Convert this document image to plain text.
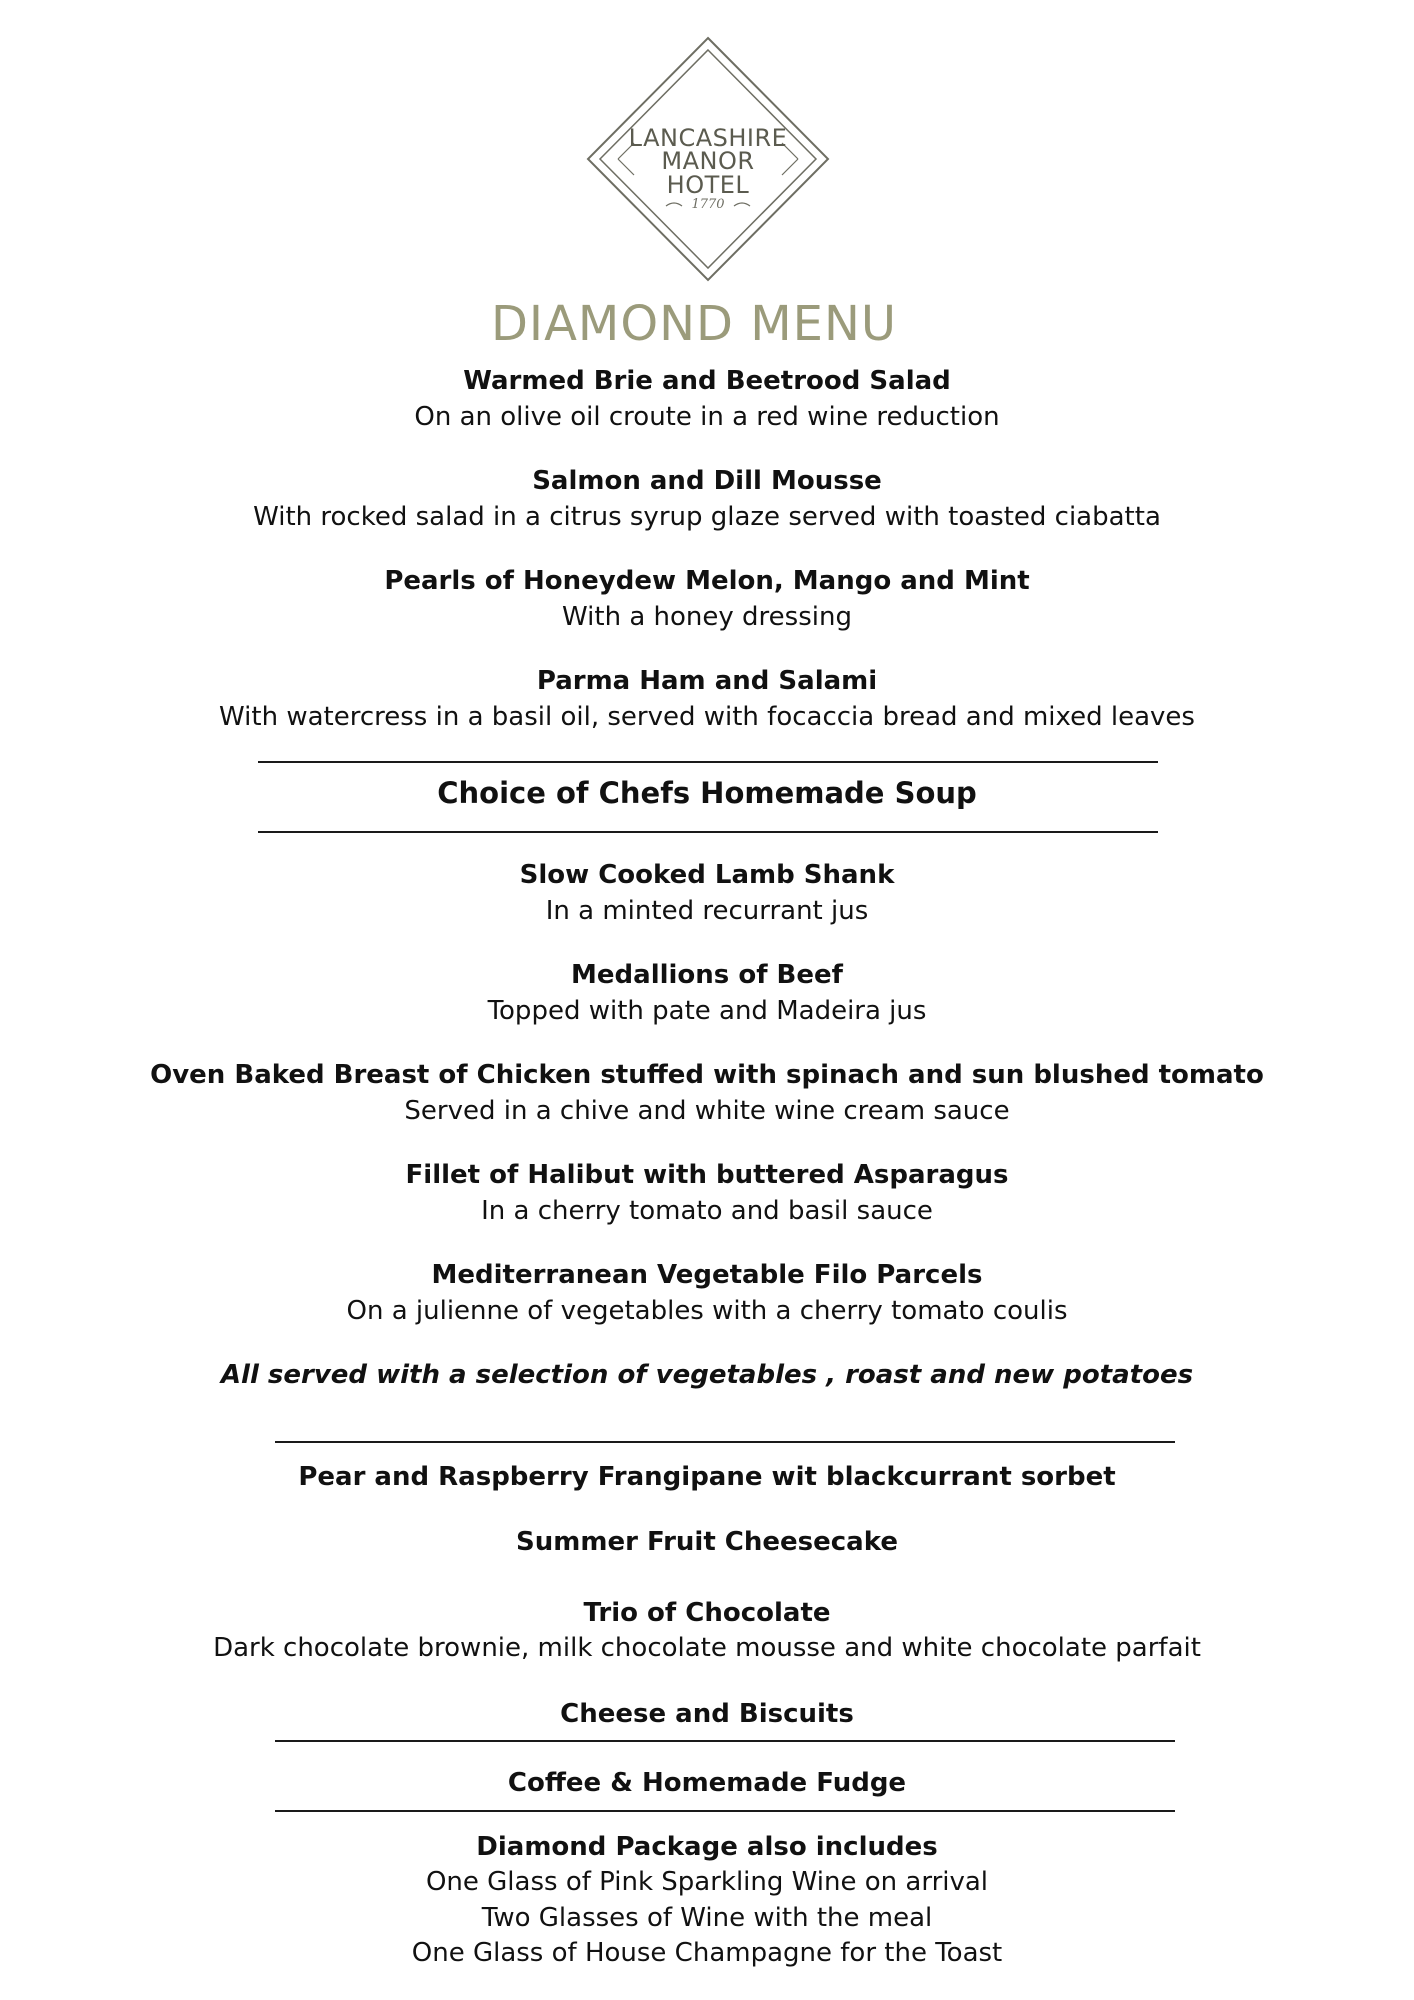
LANCASHIRE
MANOR
HOTEL
1770
DIAMOND MENU
Warmed Brie and Beetrood Salad
On an olive oil croute in a red wine reduction
Salmon and Dill Mousse
With rocked salad in a citrus syrup glaze served with toasted ciabatta
Pearls of Honeydew Melon, Mango and Mint
With a honey dressing
Parma Ham and Salami
With watercress in a basil oil, served with focaccia bread and mixed leaves
Choice of Chefs Homemade Soup
Slow Cooked Lamb Shank
In a minted recurrant jus
Medallions of Beef
Topped with pate and Madeira jus
Oven Baked Breast of Chicken stuffed with spinach and sun blushed tomato
Served in a chive and white wine cream sauce
Fillet of Halibut with buttered Asparagus
In a cherry tomato and basil sauce
Mediterranean Vegetable Filo Parcels
On a julienne of vegetables with a cherry tomato coulis
All served with a selection of vegetables , roast and new potatoes
Pear and Raspberry Frangipane wit blackcurrant sorbet
Summer Fruit Cheesecake
Trio of Chocolate
Dark chocolate brownie, milk chocolate mousse and white chocolate parfait
Cheese and Biscuits
Coffee & Homemade Fudge
Diamond Package also includes
One Glass of Pink Sparkling Wine on arrival
Two Glasses of Wine with the meal
One Glass of House Champagne for the Toast
